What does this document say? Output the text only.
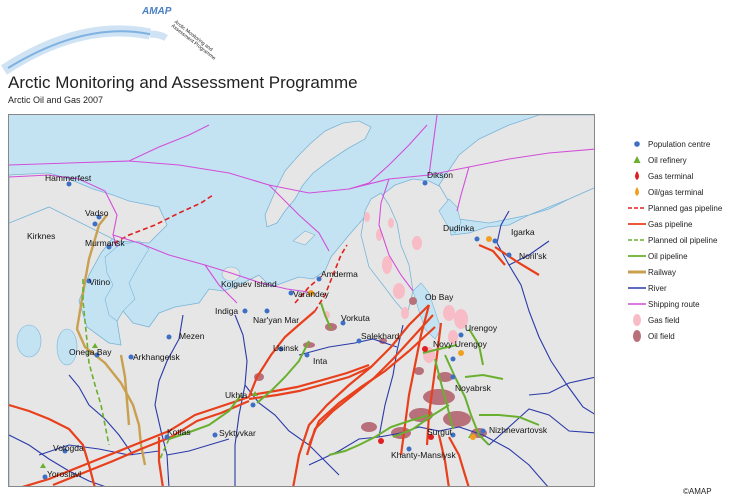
AMAP
Arctic Monitoring and Assessment Programme
Arctic Monitoring and Assessment Programme
Arctic Oil and Gas 2007
Hammerfest
Vadso
Kirknes
Murmansk
Vitino
Onega Bay	Arkhangelsk
Mezen
Kolguev Island
Indiga
Nar'yan Mar
Varandey
Amderma
Vorkuta
Usinsk
Inta
Salekhard
Ukhta
Kotlas	Syktyvkar
Vologda
Yoroslavl
Dikson
Dudinka	Igarka
Noril'sk
Ob Bay
Urengoy
Novy Urengoy
Noyabrsk
Surgut	Nizhnevartovsk
Khanty-Mansiysk
Population centre
Oil refinery
Gas terminal
Oil/gas terminal
Planned gas pipeline
Gas pipeline
Planned oil pipeline
Oil pipeline
Railway
River
Shipping route
Gas field
Oil field
©AMAP
